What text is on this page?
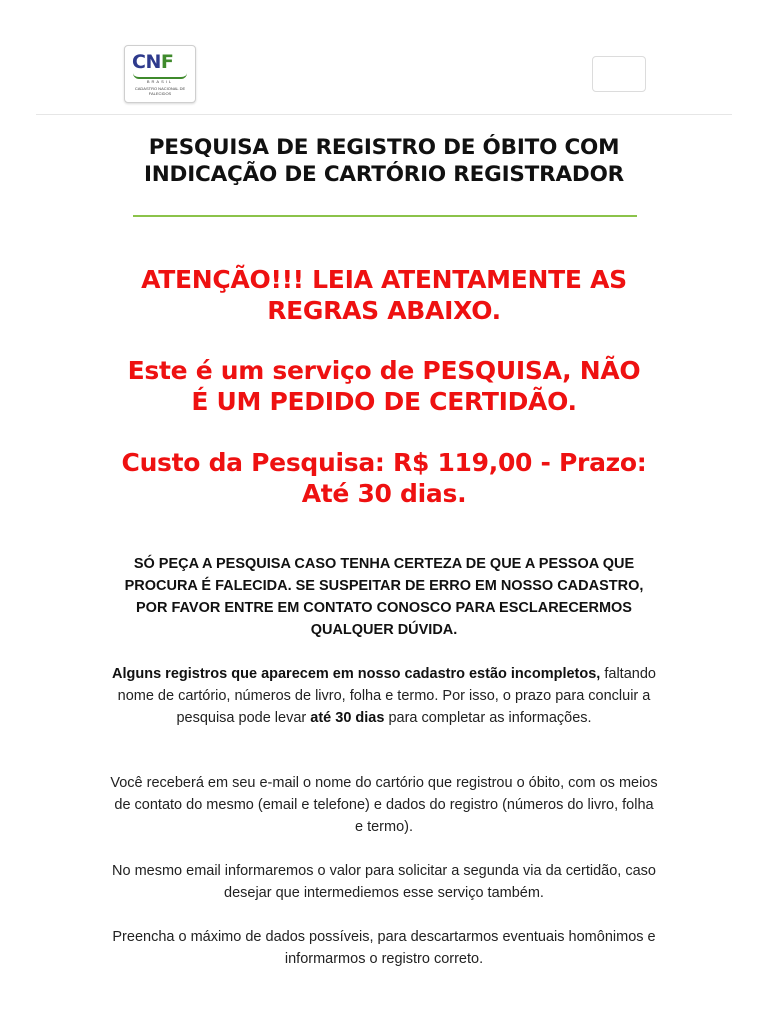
CNF
BRASIL
CADASTRO NACIONAL DE FALECIDOS
PESQUISA DE REGISTRO DE ÓBITO COM
INDICAÇÃO DE CARTÓRIO REGISTRADOR
ATENÇÃO!!! LEIA ATENTAMENTE AS
REGRAS ABAIXO.
Este é um serviço de PESQUISA, NÃO
É UM PEDIDO DE CERTIDÃO.
Custo da Pesquisa: R$ 119,00 - Prazo:
Até 30 dias.
SÓ PEÇA A PESQUISA CASO TENHA CERTEZA DE QUE A PESSOA QUE PROCURA É FALECIDA. SE SUSPEITAR DE ERRO EM NOSSO CADASTRO, POR FAVOR ENTRE EM CONTATO CONOSCO PARA ESCLARECERMOS QUALQUER DÚVIDA.
Alguns registros que aparecem em nosso cadastro estão incompletos, faltando nome de cartório, números de livro, folha e termo. Por isso, o prazo para concluir a pesquisa pode levar até 30 dias para completar as informações.
Você receberá em seu e-mail o nome do cartório que registrou o óbito, com os meios de contato do mesmo (email e telefone) e dados do registro (números do livro, folha e termo).
No mesmo email informaremos o valor para solicitar a segunda via da certidão, caso desejar que intermediemos esse serviço também.
Preencha o máximo de dados possíveis, para descartarmos eventuais homônimos e informarmos o registro correto.
